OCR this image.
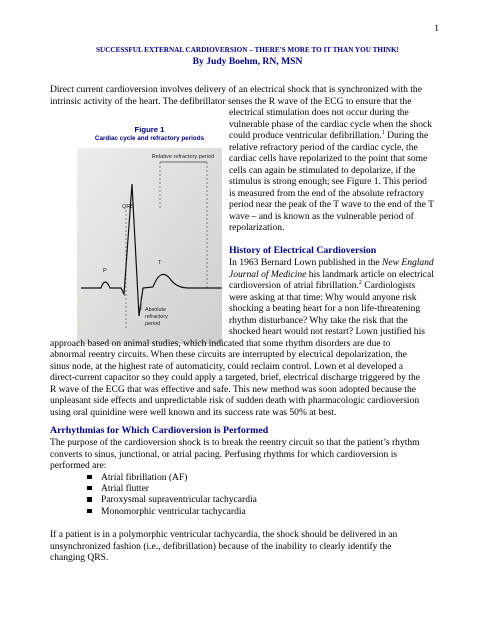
1
SUCCESSFUL EXTERNAL CARDIOVERSION – THERE'S MORE TO IT THAN YOU THINK!
By Judy Boehm, RN, MSN
Direct current cardioversion involves delivery of an electrical shock that is synchronized with the
intrinsic activity of the heart. The defibrillator senses the R wave of the ECG to ensure that the
electrical stimulation does not occur during the
vulnerable phase of the cardiac cycle when the shock
could produce ventricular defibrillation.$^1$ During the
relative refractory period of the cardiac cycle, the
cardiac cells have repolarized to the point that some
cells can again be stimulated to depolarize, if the
stimulus is strong enough; see Figure 1. This period
is measured from the end of the absolute refractory
period near the peak of the T wave to the end of the T
wave – and is known as the vulnerable period of
repolarization.
Figure 1
Cardiac cycle and refractory periods
Relative refractory period
QRS
P
T
Absolute
refractory
period
History of Electrical Cardioversion
In 1963 Bernard Lown published in the New England
Journal of Medicine his landmark article on electrical
cardioversion of atrial fibrillation.$^2$ Cardiologists
were asking at that time: Why would anyone risk
shocking a beating heart for a non life-threatening
rhythm disturbance? Why take the risk that the
shocked heart would not restart? Lown justified his
approach based on animal studies, which indicated that some rhythm disorders are due to
abnormal reentry circuits. When these circuits are interrupted by electrical depolarization, the
sinus node, at the highest rate of automaticity, could reclaim control. Lown et al developed a
direct-current capacitor so they could apply a targeted, brief, electrical discharge triggered by the
R wave of the ECG that was effective and safe. This new method was soon adopted because the
unpleasant side effects and unpredictable risk of sudden death with pharmacologic cardioversion
using oral quinidine were well known and its success rate was 50% at best.
Arrhythmias for Which Cardioversion is Performed
The purpose of the cardioversion shock is to break the reentry circuit so that the patient’s rhythm
converts to sinus, junctional, or atrial pacing. Perfusing rhythms for which cardioversion is
performed are:
Atrial fibrillation (AF)
Atrial flutter
Paroxysmal supraventricular tachycardia
Monomorphic ventricular tachycardia
If a patient is in a polymorphic ventricular tachycardia, the shock should be delivered in an
unsynchronized fashion (i.e., defibrillation) because of the inability to clearly identify the
changing QRS.
